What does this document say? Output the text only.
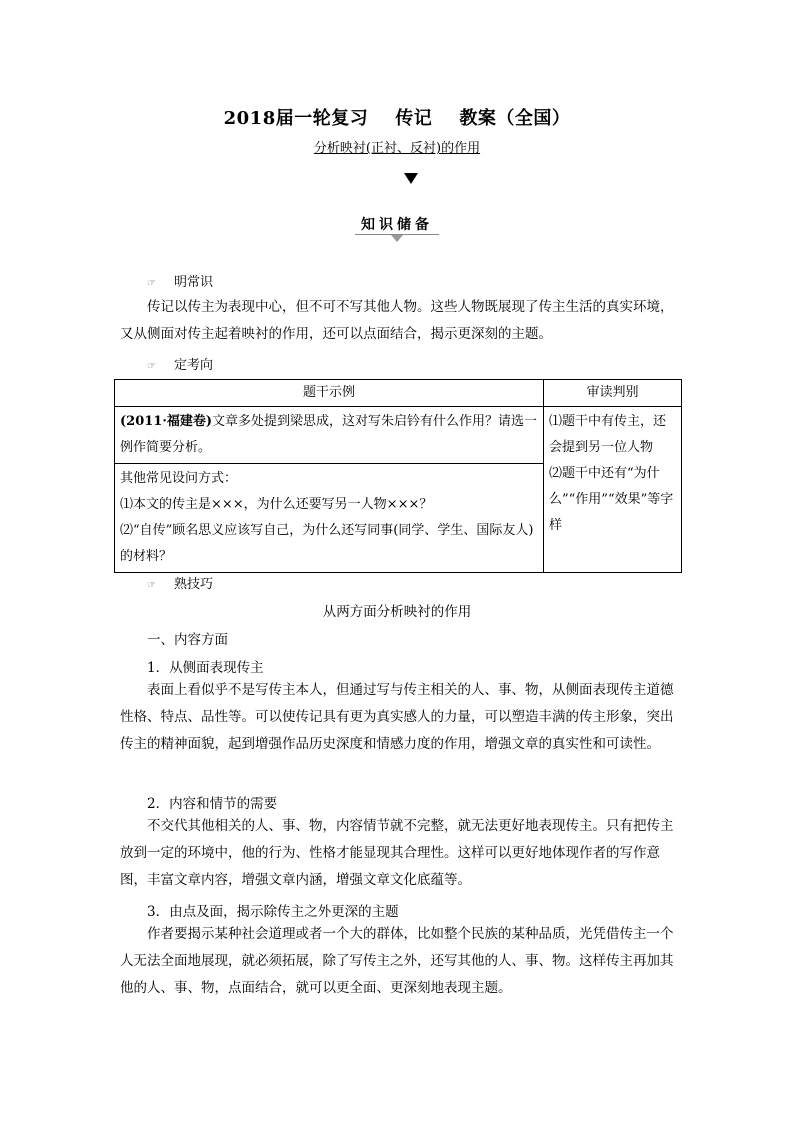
2018届一轮复习    传记    教案（全国）
分析映衬(正衬、反衬)的作用
知识储备
☞ 明常识
传记以传主为表现中心，但不可不写其他人物。这些人物既展现了传主生活的真实环境，又从侧面对传主起着映衬的作用，还可以点面结合，揭示更深刻的主题。
☞ 定考向
题干示例	审读判别
(2011·福建卷)文章多处提到梁思成，这对写朱启钤有什么作用？请选一例作简要分析。	⑴题干中有传主，还会提到另一位人物
⑵题干中还有“为什么”“作用”“效果”等字样

其他常见设问方式：
⑴本文的传主是×××，为什么还要写另一人物×××？
⑵“自传”顾名思义应该写自己，为什么还写同事(同学、学生、国际友人)的材料？	
☞ 熟技巧
从两方面分析映衬的作用
一、内容方面
1．从侧面表现传主
表面上看似乎不是写传主本人，但通过写与传主相关的人、事、物，从侧面表现传主道德性格、特点、品性等。可以使传记具有更为真实感人的力量，可以塑造丰满的传主形象，突出传主的精神面貌，起到增强作品历史深度和情感力度的作用，增强文章的真实性和可读性。
2．内容和情节的需要
不交代其他相关的人、事、物，内容情节就不完整，就无法更好地表现传主。只有把传主放到一定的环境中，他的行为、性格才能显现其合理性。这样可以更好地体现作者的写作意图，丰富文章内容，增强文章内涵，增强文章文化底蕴等。
3．由点及面，揭示除传主之外更深的主题
作者要揭示某种社会道理或者一个大的群体，比如整个民族的某种品质，光凭借传主一个人无法全面地展现，就必须拓展，除了写传主之外，还写其他的人、事、物。这样传主再加其他的人、事、物，点面结合，就可以更全面、更深刻地表现主题。
